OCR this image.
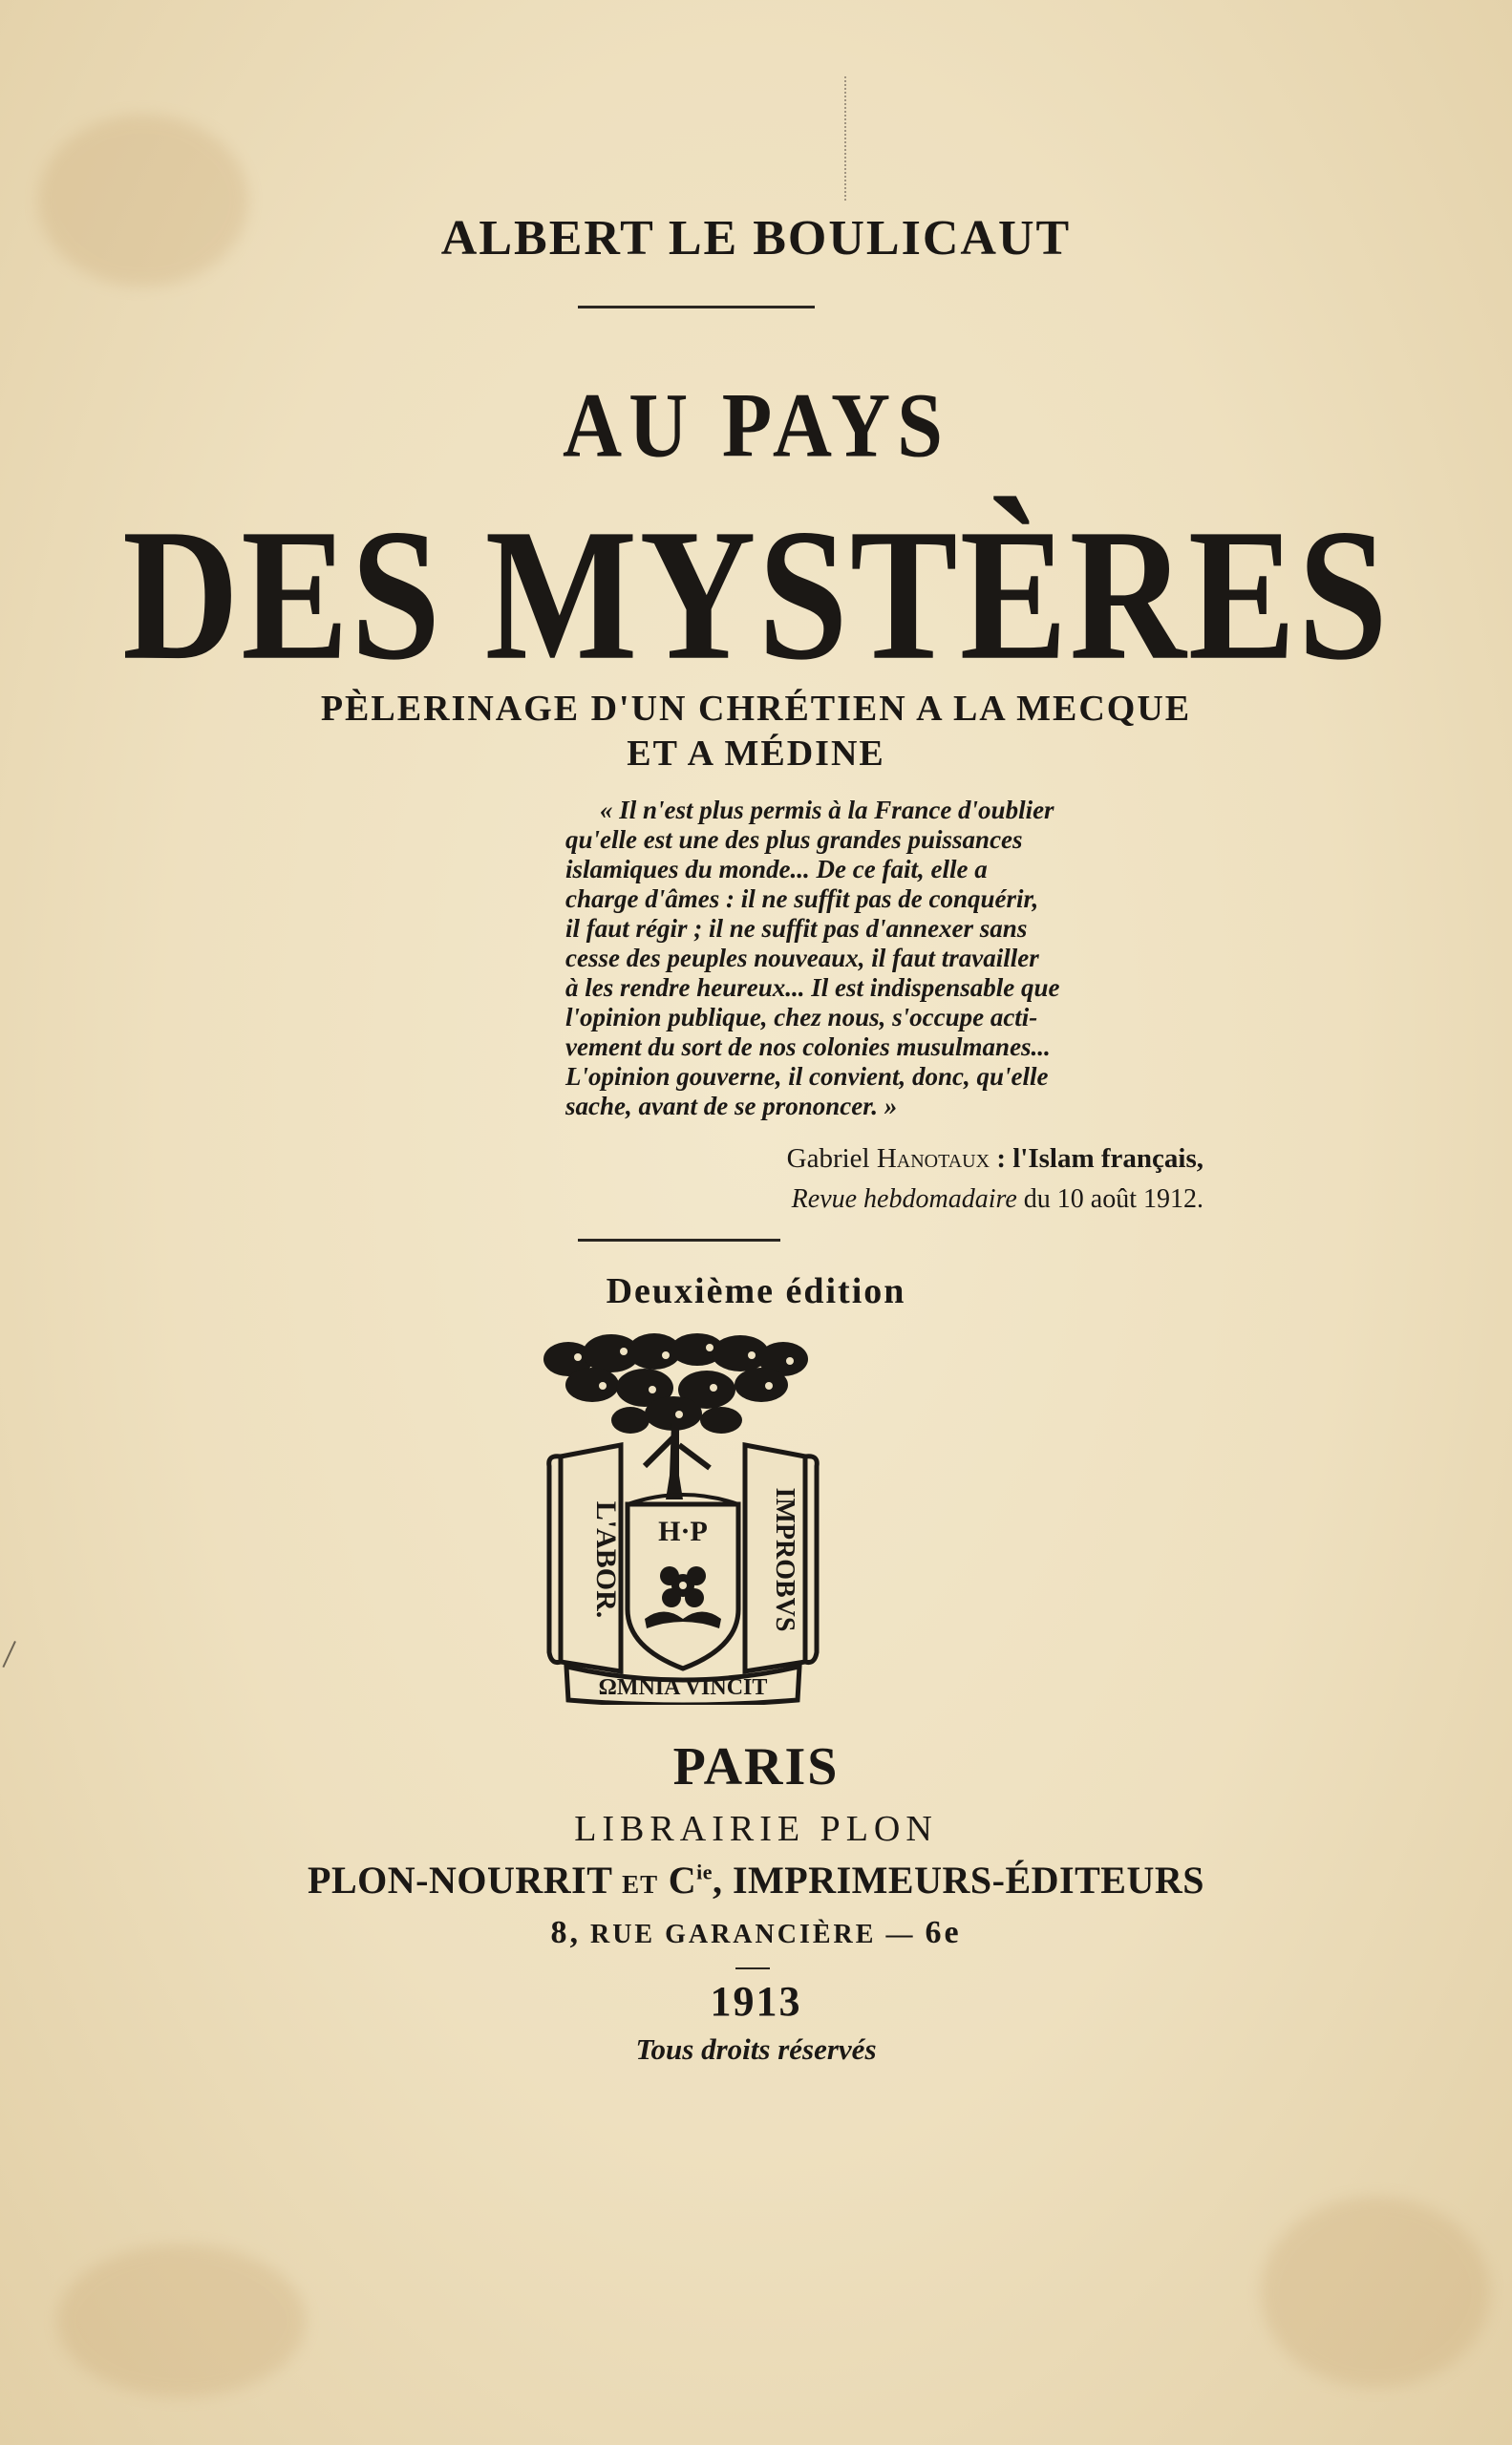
ALBERT LE BOULICAUT
AU PAYS
DES MYSTÈRES
PÈLERINAGE D'UN CHRÉTIEN A LA MECQUE
ET A MÉDINE
« Il n'est plus permis à la France d'oublier
qu'elle est une des plus grandes puissances
islamiques du monde... De ce fait, elle a
charge d'âmes : il ne suffit pas de conquérir,
il faut régir ; il ne suffit pas d'annexer sans
cesse des peuples nouveaux, il faut travailler
à les rendre heureux... Il est indispensable que
l'opinion publique, chez nous, s'occupe acti-
vement du sort de nos colonies musulmanes...
L'opinion gouverne, il convient, donc, qu'elle
sache, avant de se prononcer. »
Gabriel Hanotaux : l'Islam français,
Revue hebdomadaire du 10 août 1912.
Deuxième édition
L'ABOR.	IMPROBVS
H·P
ΩMNIA VINCIT
PARIS
LIBRAIRIE PLON
PLON-NOURRIT ET $C^{ie}$, IMPRIMEURS-ÉDITEURS
8, RUE GARANCIÈRE — 6e
1913
Tous droits réservés
